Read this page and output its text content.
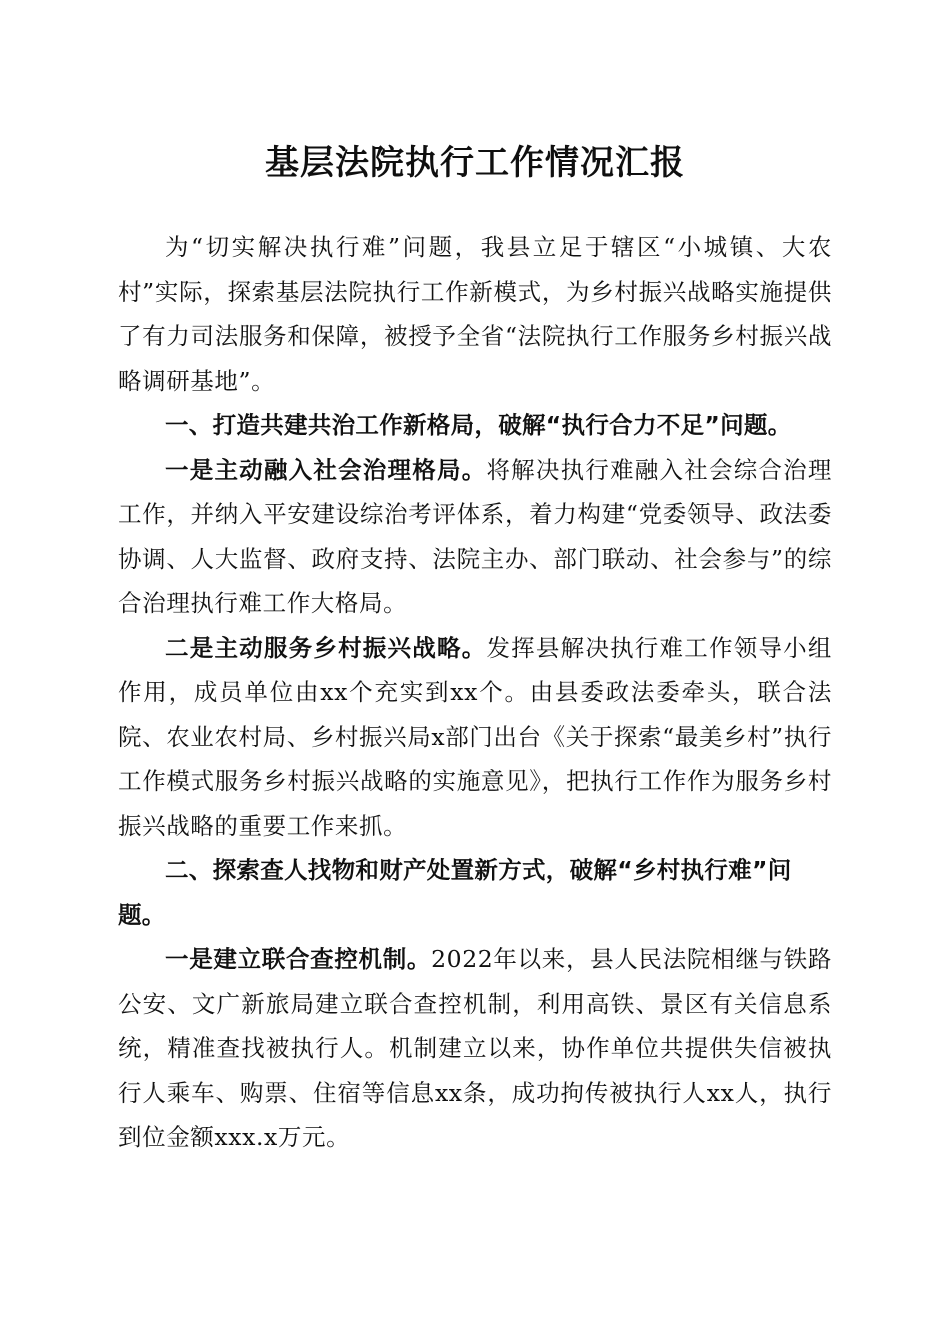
基层法院执行工作情况汇报

为“切实解决执行难”问题，我县立足于辖区“小城镇、大农村”实际，探索基层法院执行工作新模式，为乡村振兴战略实施提供了有力司法服务和保障，被授予全省“法院执行工作服务乡村振兴战略调研基地”。

一、打造共建共治工作新格局，破解“执行合力不足”问题。

一是主动融入社会治理格局。将解决执行难融入社会综合治理工作，并纳入平安建设综治考评体系，着力构建“党委领导、政法委协调、人大监督、政府支持、法院主办、部门联动、社会参与”的综合治理执行难工作大格局。

二是主动服务乡村振兴战略。发挥县解决执行难工作领导小组作用，成员单位由xx个充实到xx个。由县委政法委牵头，联合法院、农业农村局、乡村振兴局x部门出台《关于探索“最美乡村”执行工作模式服务乡村振兴战略的实施意见》，把执行工作作为服务乡村振兴战略的重要工作来抓。

二、探索查人找物和财产处置新方式，破解“乡村执行难”问题。

一是建立联合查控机制。2022年以来，县人民法院相继与铁路公安、文广新旅局建立联合查控机制，利用高铁、景区有关信息系统，精准查找被执行人。机制建立以来，协作单位共提供失信被执行人乘车、购票、住宿等信息xx条，成功拘传被执行人xx人，执行到位金额xxx.x万元。
